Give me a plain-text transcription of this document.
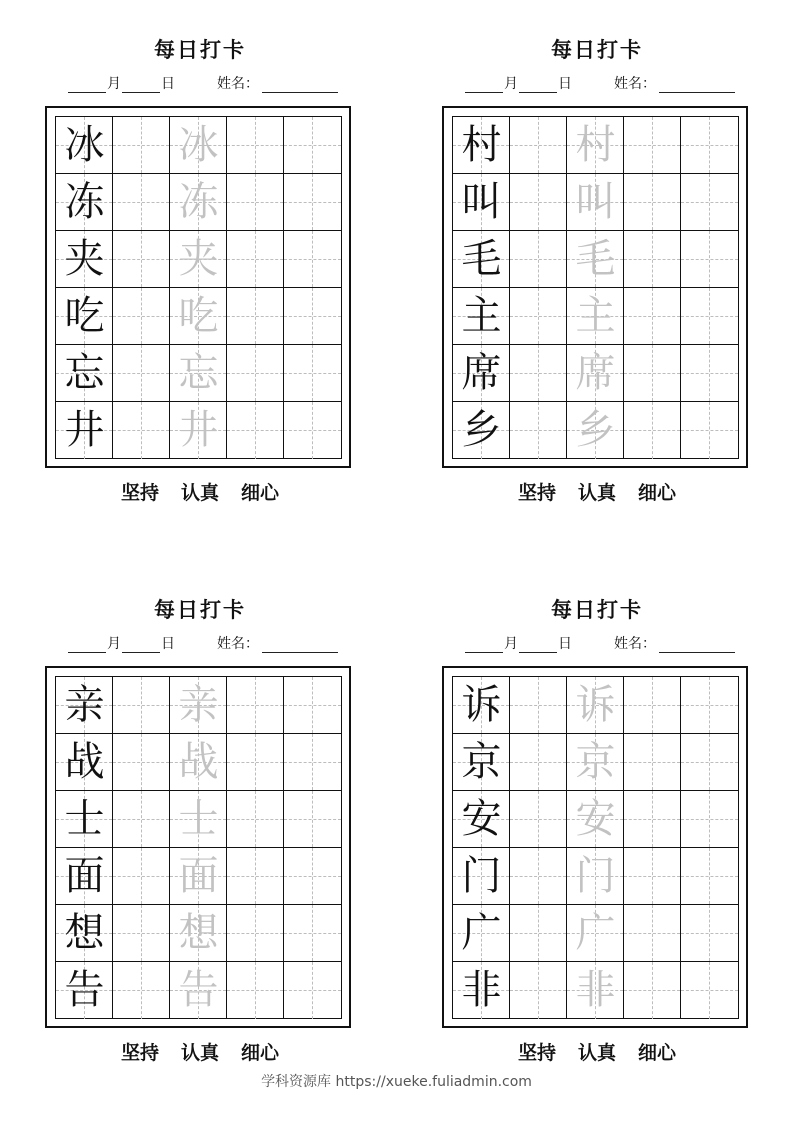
每日打卡
月	日	姓名：
冰 冰
冻 冻
夹 夹
吃 吃
忘 忘
井 井
坚持 认真 细心
每日打卡
月	日	姓名：
村 村
叫 叫
毛 毛
主 主
席 席
乡 乡
坚持 认真 细心
每日打卡
月	日	姓名：
亲 亲
战 战
士 士
面 面
想 想
告 告
坚持 认真 细心
每日打卡
月	日	姓名：
诉 诉
京 京
安 安
门 门
广 广
非 非
坚持 认真 细心
学科资源库 https://xueke.fuliadmin.com
